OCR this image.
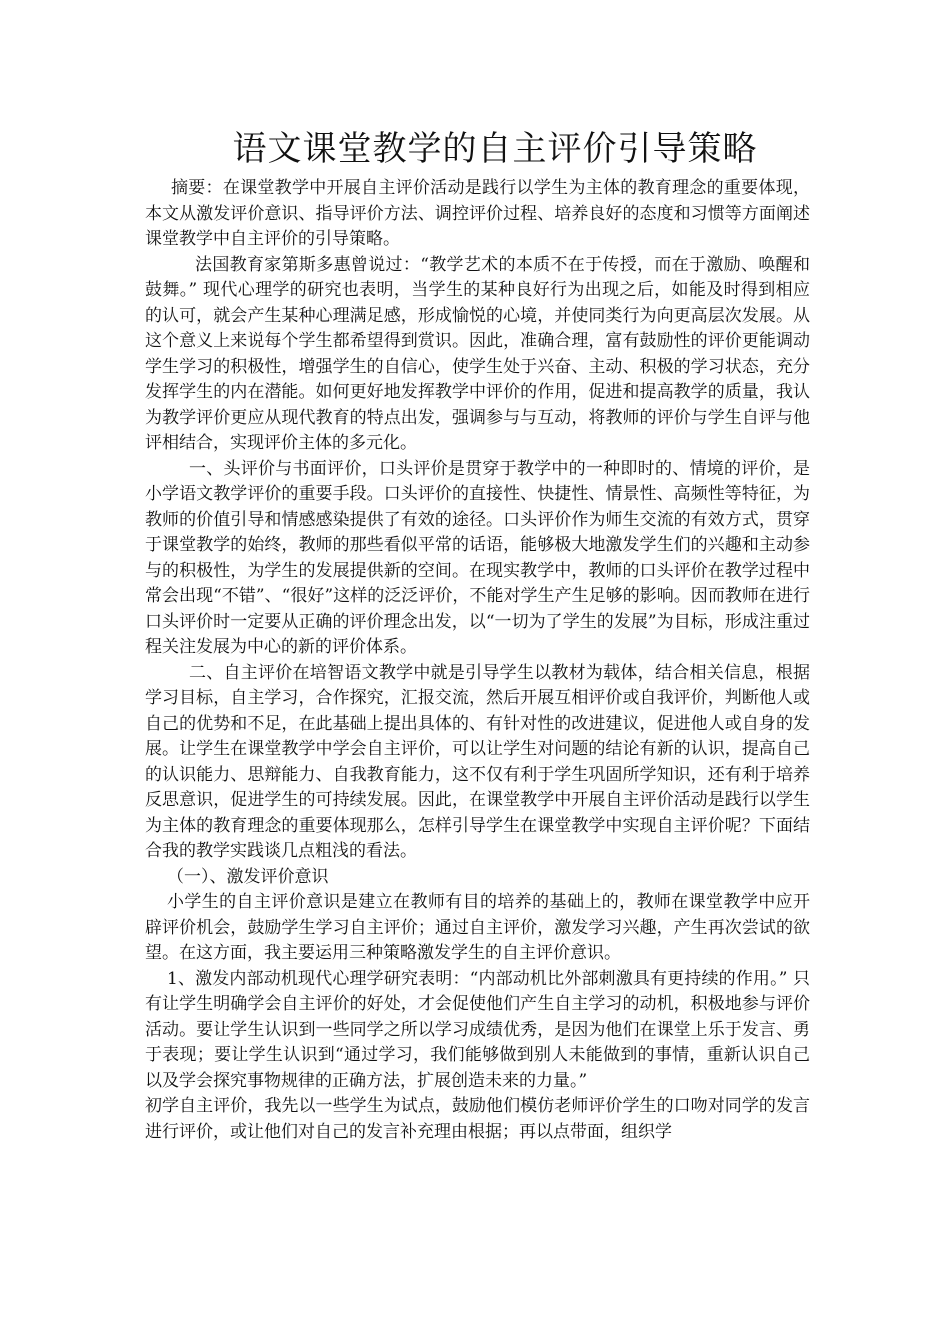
语文课堂教学的自主评价引导策略

摘要：在课堂教学中开展自主评价活动是践行以学生为主体的教育理念的重要体现，本文从激发评价意识、指导评价方法、调控评价过程、培养良好的态度和习惯等方面阐述课堂教学中自主评价的引导策略。

法国教育家第斯多惠曾说过：“教学艺术的本质不在于传授，而在于激励、唤醒和鼓舞。” 现代心理学的研究也表明，当学生的某种良好行为出现之后，如能及时得到相应的认可，就会产生某种心理满足感，形成愉悦的心境，并使同类行为向更高层次发展。从这个意义上来说每个学生都希望得到赏识。因此，准确合理，富有鼓励性的评价更能调动学生学习的积极性，增强学生的自信心，使学生处于兴奋、主动、积极的学习状态，充分发挥学生的内在潜能。如何更好地发挥教学中评价的作用，促进和提高教学的质量，我认为教学评价更应从现代教育的特点出发，强调参与与互动，将教师的评价与学生自评与他评相结合，实现评价主体的多元化。

一、头评价与书面评价，口头评价是贯穿于教学中的一种即时的、情境的评价，是小学语文教学评价的重要手段。口头评价的直接性、快捷性、情景性、高频性等特征，为教师的价值引导和情感感染提供了有效的途径。口头评价作为师生交流的有效方式，贯穿于课堂教学的始终，教师的那些看似平常的话语，能够极大地激发学生们的兴趣和主动参与的积极性，为学生的发展提供新的空间。在现实教学中，教师的口头评价在教学过程中常会出现“不错”、“很好”这样的泛泛评价，不能对学生产生足够的影响。因而教师在进行口头评价时一定要从正确的评价理念出发，以“一切为了学生的发展”为目标，形成注重过程关注发展为中心的新的评价体系。

二、自主评价在培智语文教学中就是引导学生以教材为载体，结合相关信息，根据学习目标，自主学习，合作探究，汇报交流，然后开展互相评价或自我评价，判断他人或自己的优势和不足，在此基础上提出具体的、有针对性的改进建议，促进他人或自身的发展。让学生在课堂教学中学会自主评价，可以让学生对问题的结论有新的认识，提高自己的认识能力、思辩能力、自我教育能力，这不仅有利于学生巩固所学知识，还有利于培养反思意识，促进学生的可持续发展。因此，在课堂教学中开展自主评价活动是践行以学生为主体的教育理念的重要体现那么，怎样引导学生在课堂教学中实现自主评价呢？下面结合我的教学实践谈几点粗浅的看法。

（一）、激发评价意识

小学生的自主评价意识是建立在教师有目的培养的基础上的，教师在课堂教学中应开辟评价机会，鼓励学生学习自主评价；通过自主评价，激发学习兴趣，产生再次尝试的欲望。在这方面，我主要运用三种策略激发学生的自主评价意识。

1、激发内部动机现代心理学研究表明：“内部动机比外部刺激具有更持续的作用。” 只有让学生明确学会自主评价的好处，才会促使他们产生自主学习的动机，积极地参与评价活动。要让学生认识到一些同学之所以学习成绩优秀，是因为他们在课堂上乐于发言、勇于表现；要让学生认识到“通过学习，我们能够做到别人未能做到的事情，重新认识自己以及学会探究事物规律的正确方法，扩展创造未来的力量。”

初学自主评价，我先以一些学生为试点，鼓励他们模仿老师评价学生的口吻对同学的发言进行评价，或让他们对自己的发言补充理由根据；再以点带面，组织学
